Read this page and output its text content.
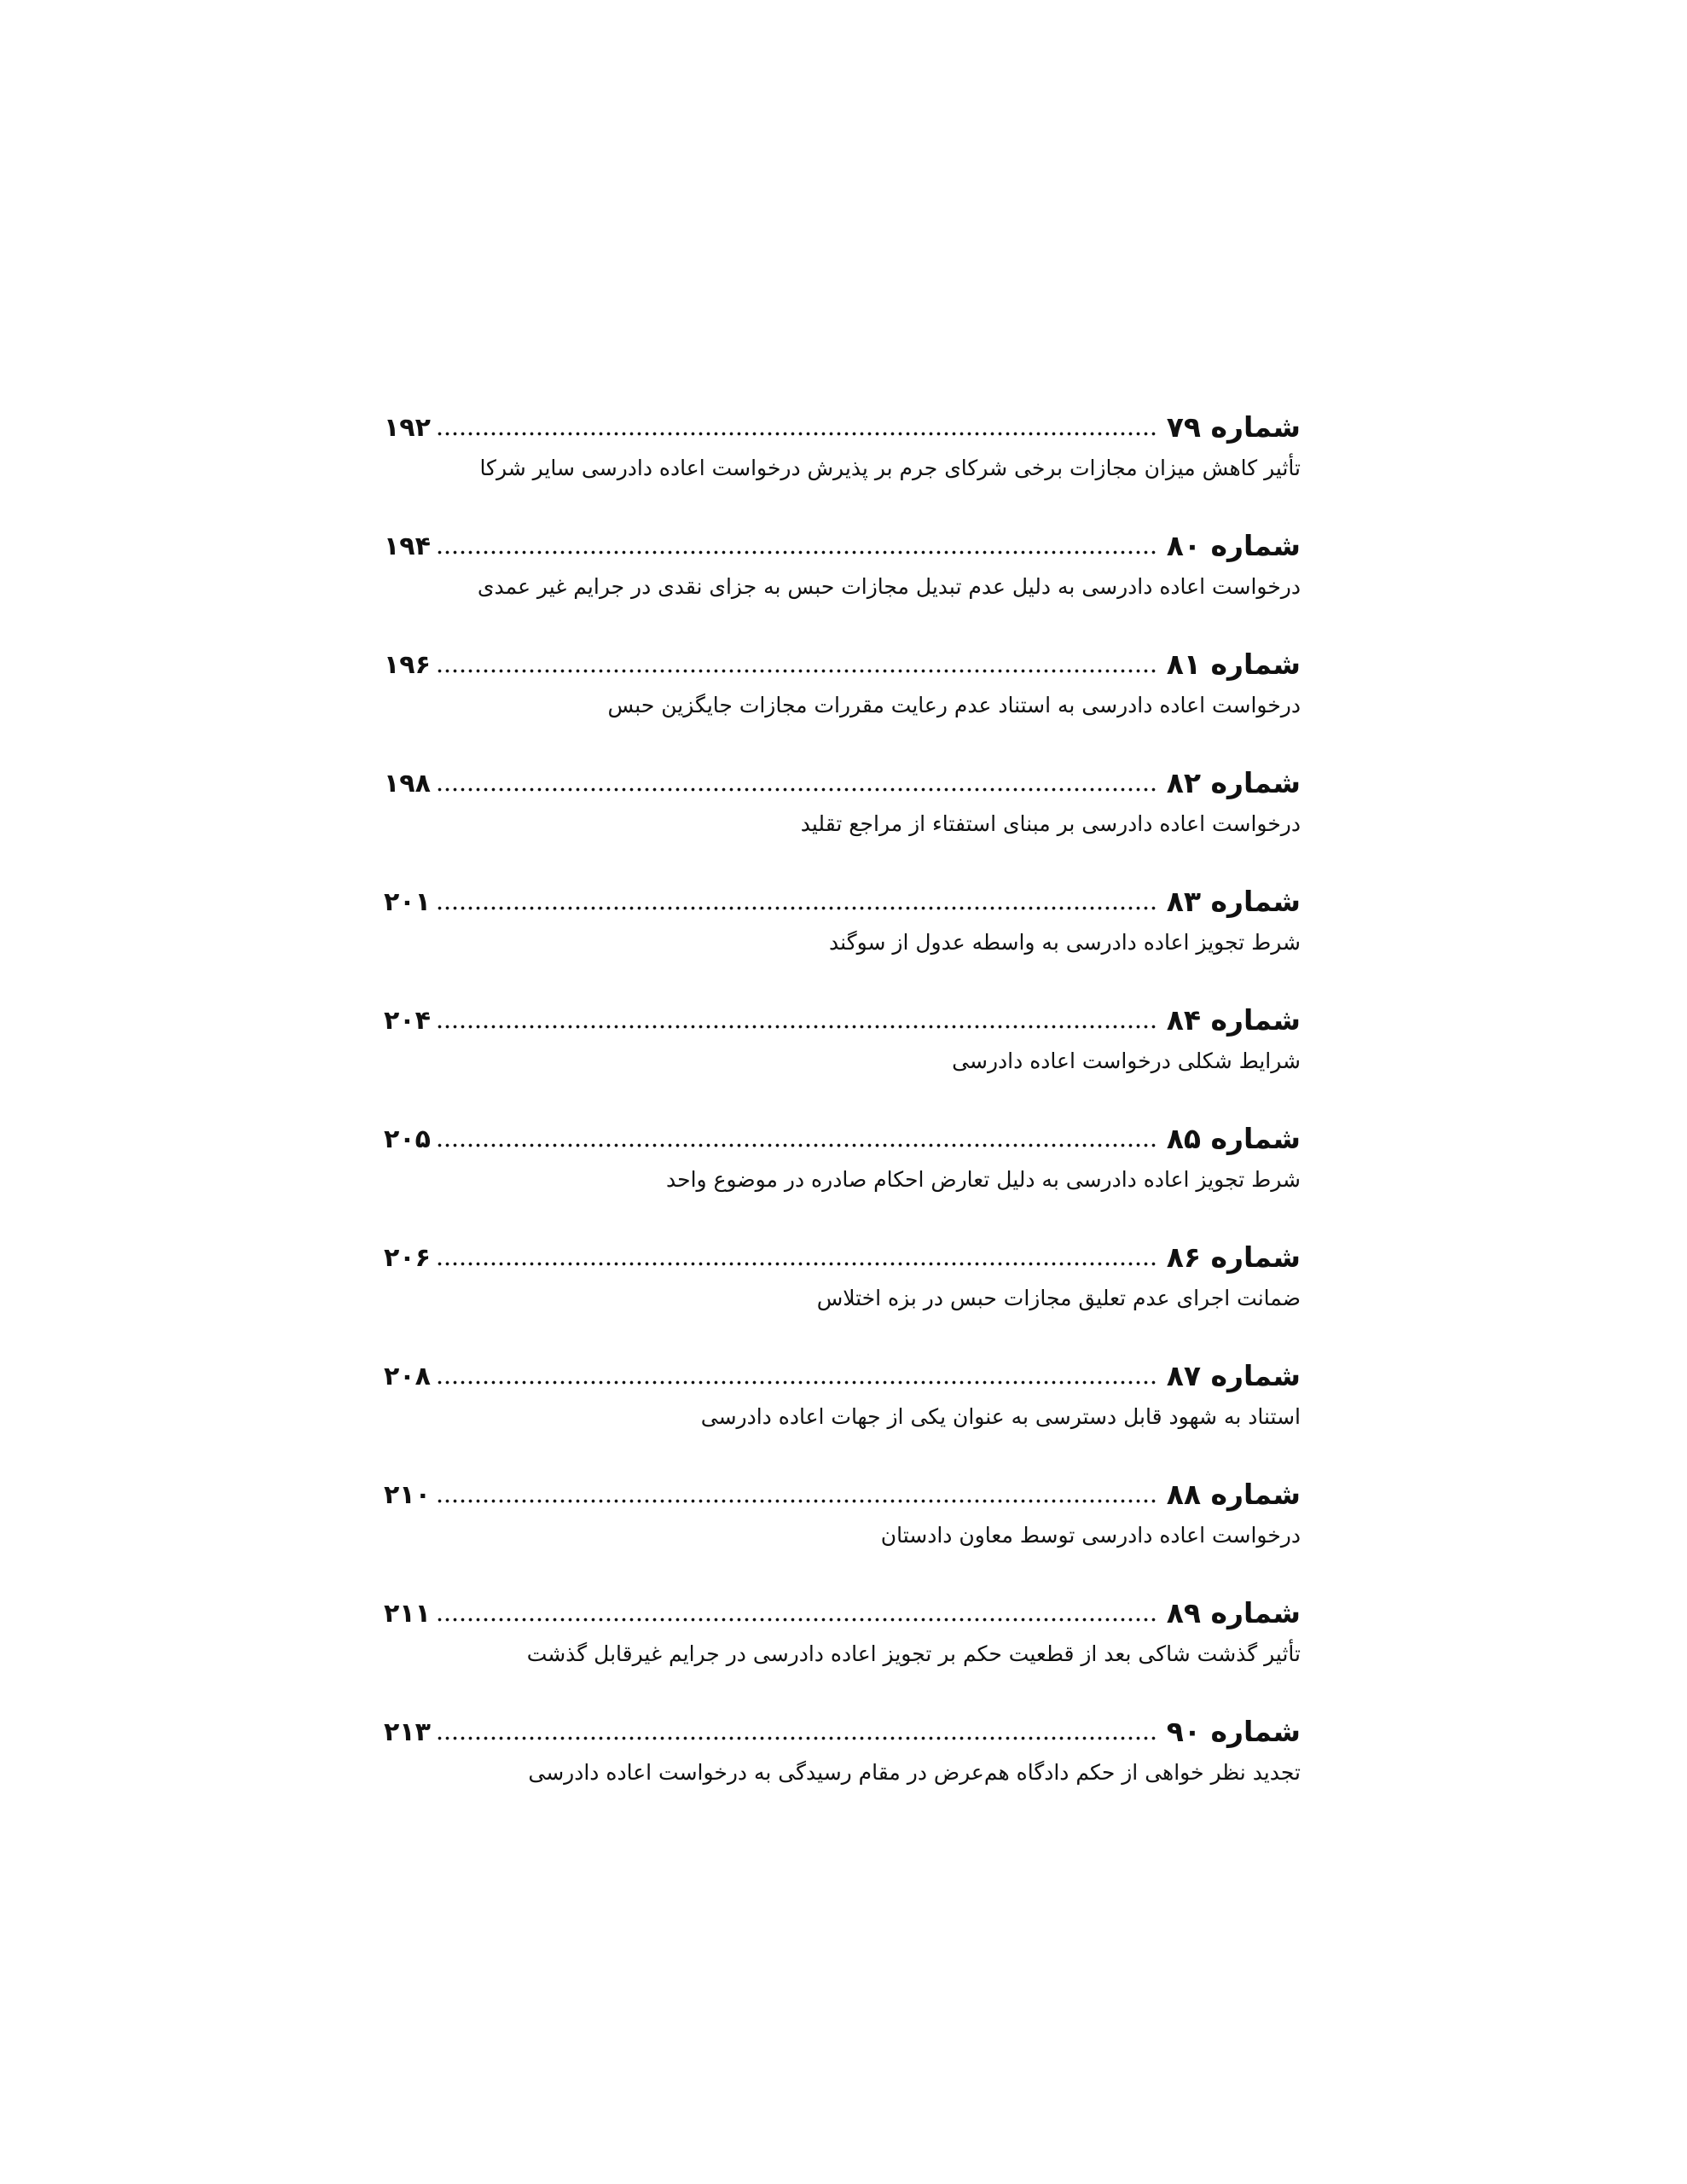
شماره ۷۹
۱۹۲
تأثیر کاهش میزان مجازات برخی شرکای جرم بر پذیرش درخواست اعاده دادرسی سایر شرکا
شماره ۸۰
۱۹۴
درخواست اعاده دادرسی به دلیل عدم تبدیل مجازات حبس به جزای نقدی در جرایم غیر عمدی
شماره ۸۱
۱۹۶
درخواست اعاده دادرسی به استناد عدم رعایت مقررات مجازات جایگزین حبس
شماره ۸۲
۱۹۸
درخواست اعاده دادرسی بر مبنای استفتاء از مراجع تقلید
شماره ۸۳
۲۰۱
شرط تجویز اعاده دادرسی به واسطه عدول از سوگند
شماره ۸۴
۲۰۴
شرایط شکلی درخواست اعاده دادرسی
شماره ۸۵
۲۰۵
شرط تجویز اعاده دادرسی به دلیل تعارض احکام صادره در موضوع واحد
شماره ۸۶
۲۰۶
ضمانت اجرای عدم تعلیق مجازات حبس در بزه اختلاس
شماره ۸۷
۲۰۸
استناد به شهود قابل دسترسی به عنوان یکی از جهات اعاده دادرسی
شماره ۸۸
۲۱۰
درخواست اعاده دادرسی توسط معاون دادستان
شماره ۸۹
۲۱۱
تأثیر گذشت شاکی بعد از قطعیت حکم بر تجویز اعاده دادرسی در جرایم غیرقابل گذشت
شماره ۹۰
۲۱۳
تجدید نظر خواهی از حکم دادگاه هم‌عرض در مقام رسیدگی به درخواست اعاده دادرسی
